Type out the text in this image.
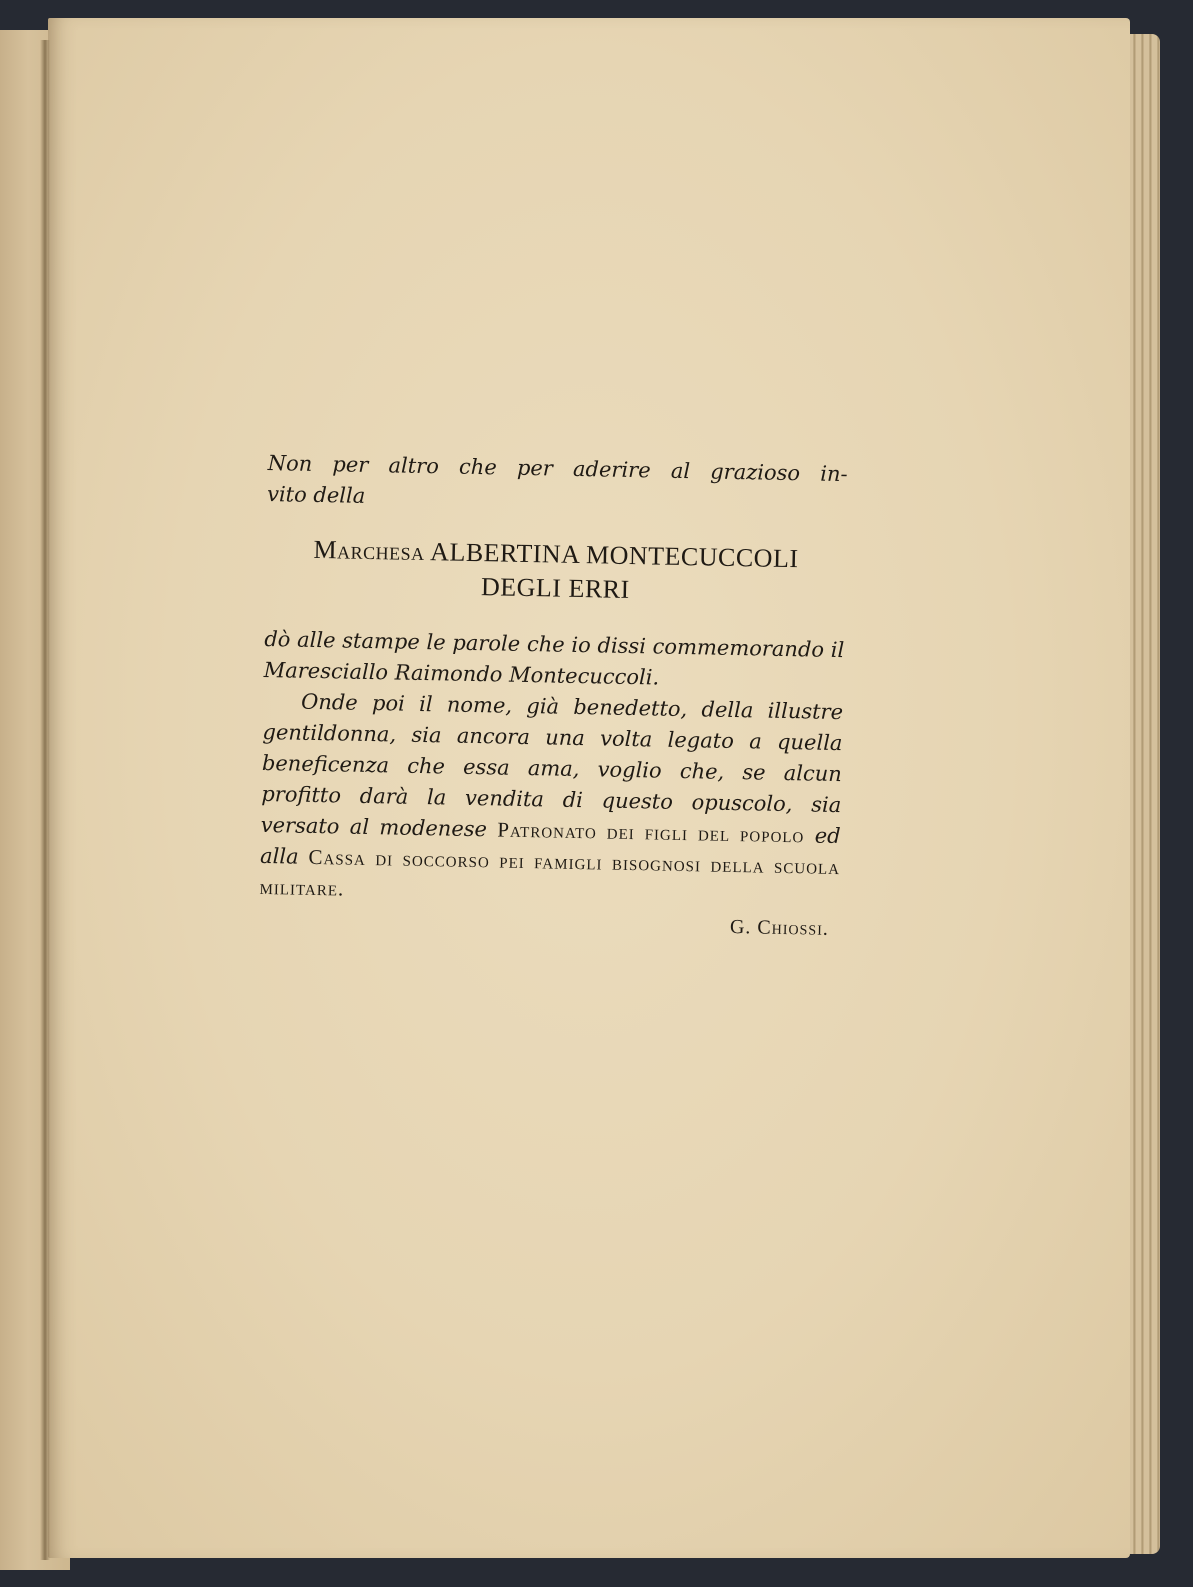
Non per altro che per aderire al grazioso in-

vito della

Marchesa ALBERTINA MONTECUCCOLI
DEGLI ERRI

dò alle stampe le parole che io dissi commemorando il Maresciallo Raimondo Montecuccoli.

Onde poi il nome, già benedetto, della illustre gentildonna, sia ancora una volta legato a quella beneficenza che essa ama, voglio che, se alcun profitto darà la vendita di questo opuscolo, sia versato al modenese Patronato dei figli del popolo ed alla Cassa di soccorso pei famigli bisognosi della scuola militare.

G. Chiossi.
